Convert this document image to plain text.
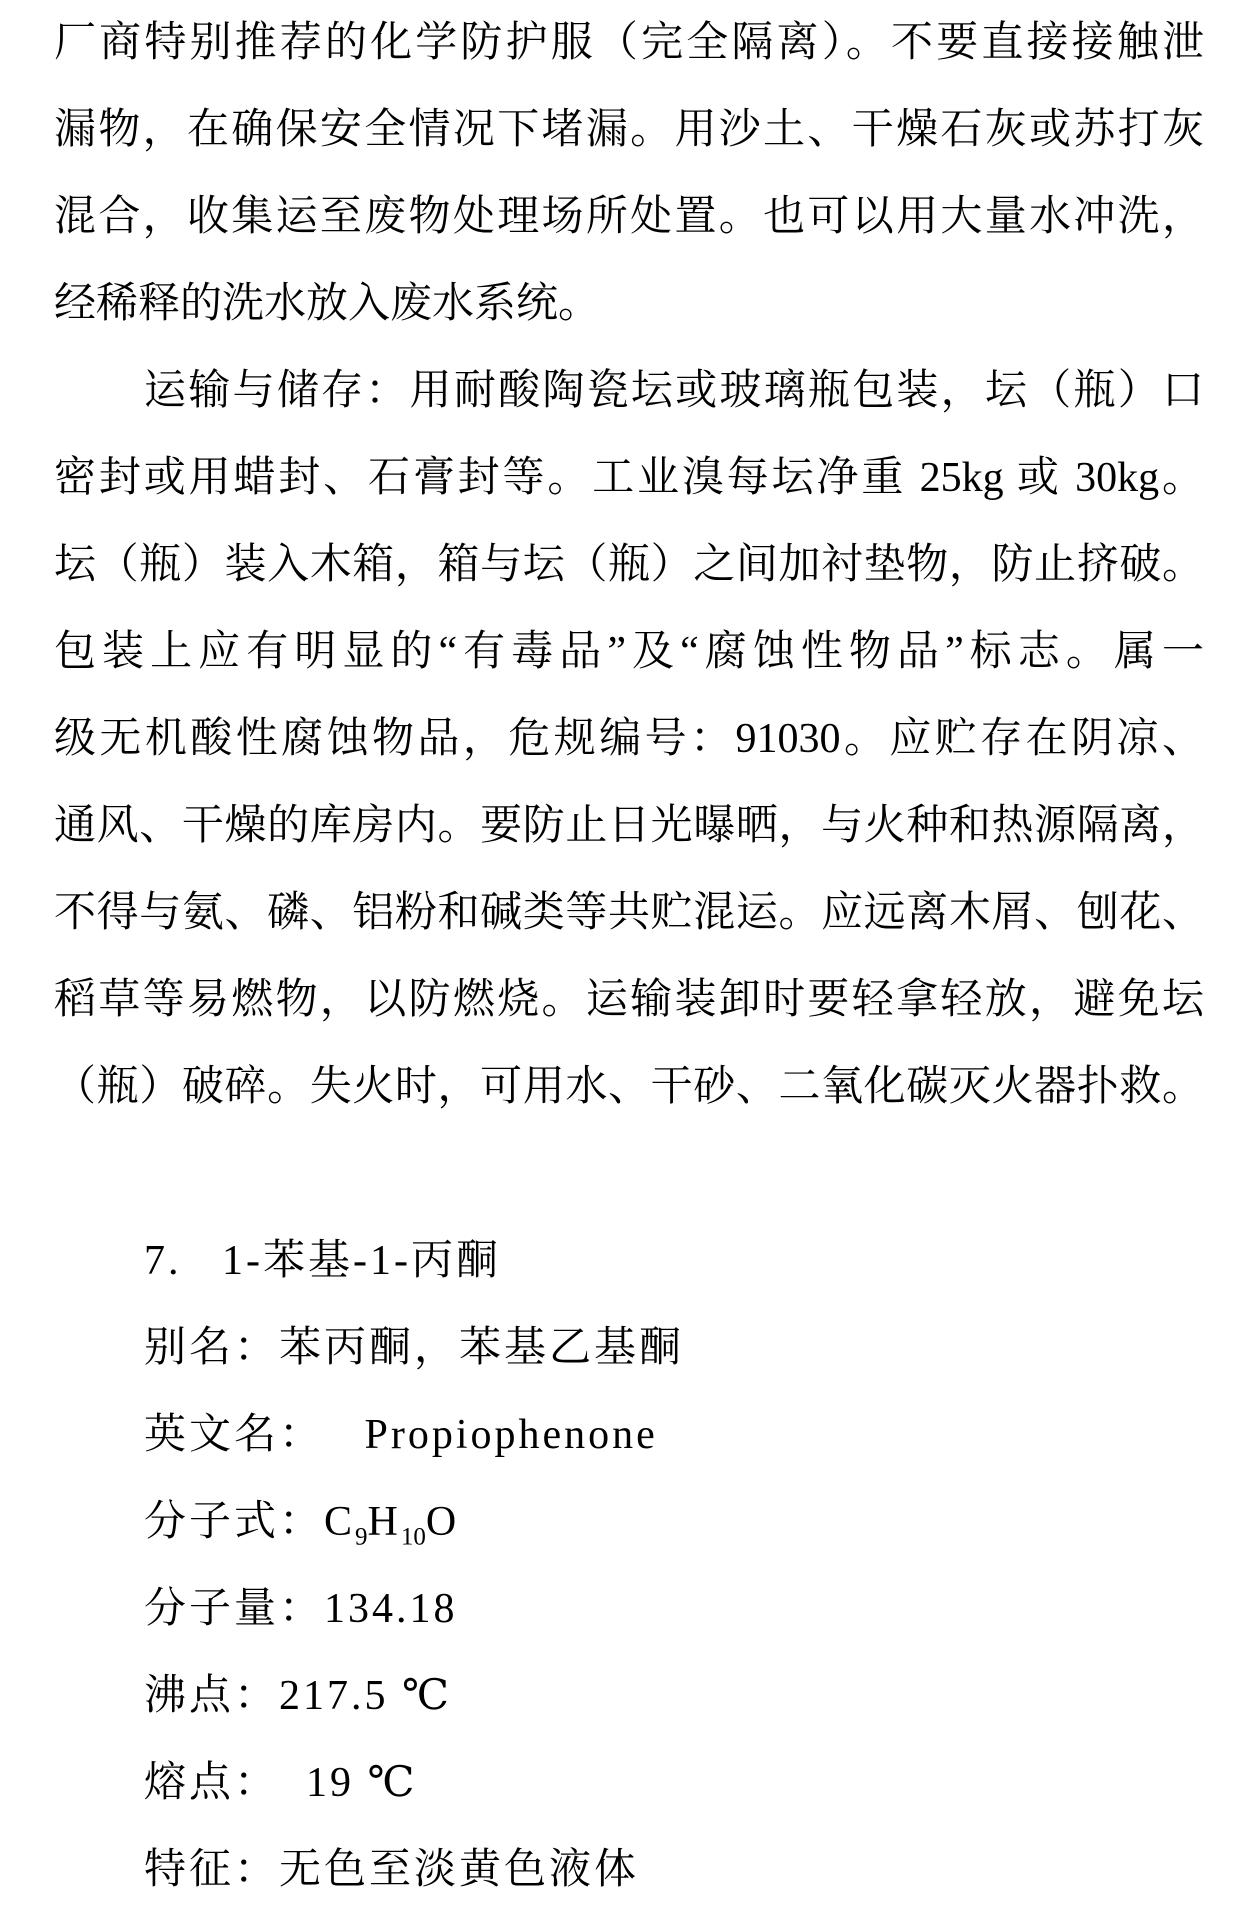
厂商特别推荐的化学防护服（完全隔离）。不要直接接触泄
漏物，在确保安全情况下堵漏。用沙土、干燥石灰或苏打灰
混合，收集运至废物处理场所处置。也可以用大量水冲洗，
经稀释的洗水放入废水系统。
运输与储存：用耐酸陶瓷坛或玻璃瓶包装，坛（瓶）口
密封或用蜡封、石膏封等。工业溴每坛净重 25kg 或 30kg。
坛（瓶）装入木箱，箱与坛（瓶）之间加衬垫物，防止挤破。
包装上应有明显的“有毒品”及“腐蚀性物品”标志。属一
级无机酸性腐蚀物品，危规编号：91030。应贮存在阴凉、
通风、干燥的库房内。要防止日光曝晒，与火种和热源隔离，
不得与氨、磷、铝粉和碱类等共贮混运。应远离木屑、刨花、
稻草等易燃物，以防燃烧。运输装卸时要轻拿轻放，避免坛
（瓶）破碎。失火时，可用水、干砂、二氧化碳灭火器扑救。
7.   1-苯基-1-丙酮
别名：苯丙酮，苯基乙基酮
英文名：   Propiophenone
分子式：$C_9H_{10}O$
分子量：134.18
沸点：217.5 ℃
熔点：  19 ℃
特征：无色至淡黄色液体
